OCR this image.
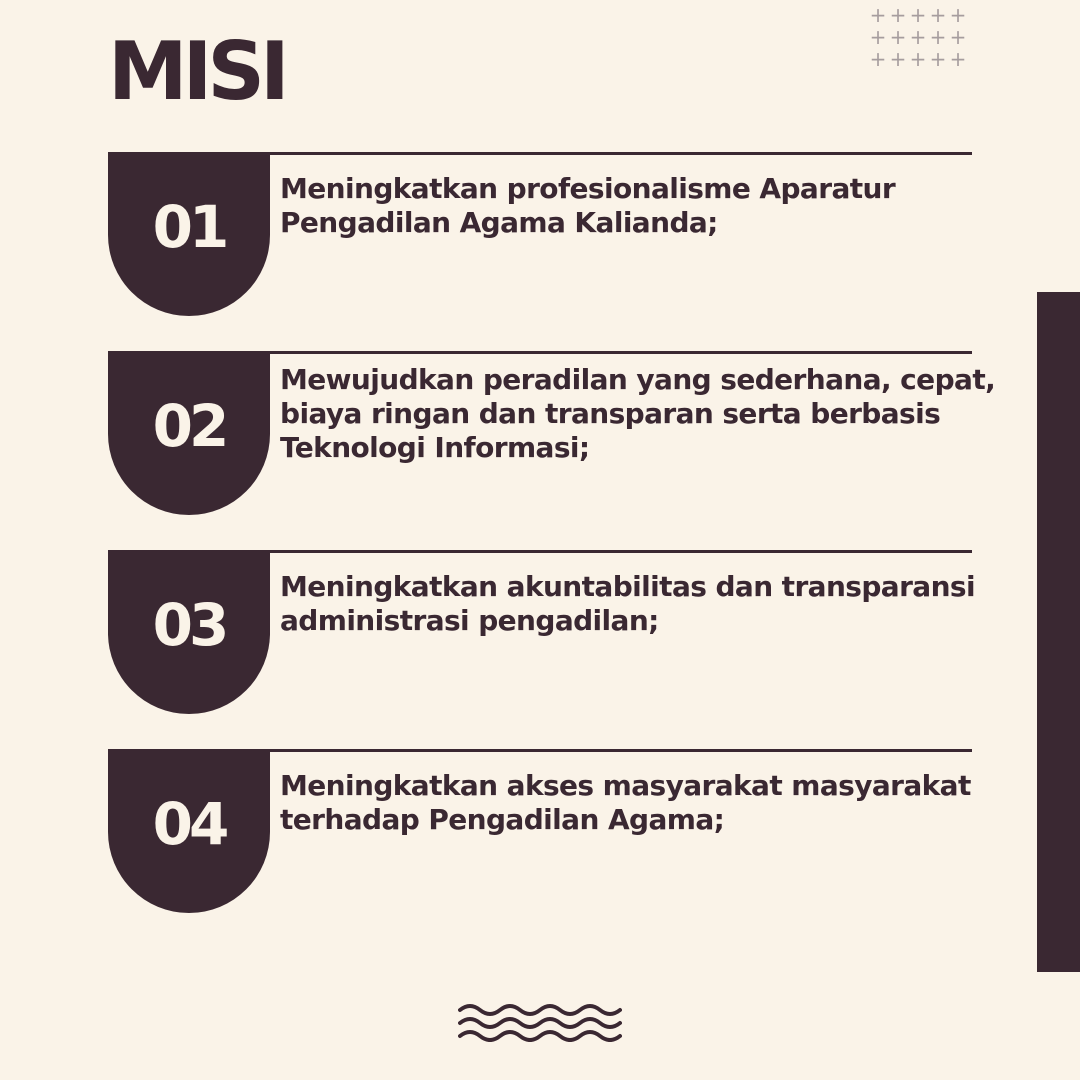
MISI
+ + + + +
+ + + + +
+ + + + +
01

Meningkatkan profesionalisme Aparatur Pengadilan Agama Kalianda;

02

Mewujudkan peradilan yang sederhana, cepat, biaya ringan dan transparan serta berbasis Teknologi Informasi;

03

Meningkatkan akuntabilitas dan transparansi administrasi pengadilan;

04

Meningkatkan akses masyarakat masyarakat terhadap Pengadilan Agama;
